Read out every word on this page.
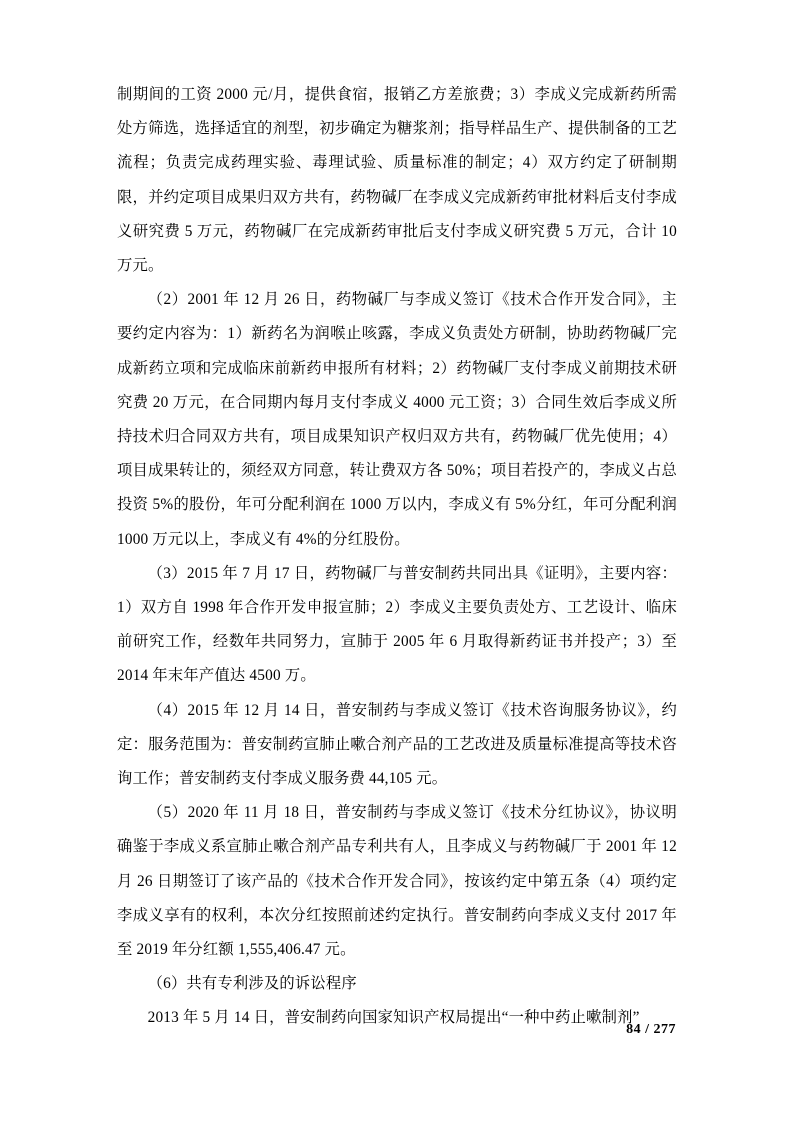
制期间的工资 2000 元/月，提供食宿，报销乙方差旅费；3）李成义完成新药所需处方筛选，选择适宜的剂型，初步确定为糖浆剂；指导样品生产、提供制备的工艺流程；负责完成药理实验、毒理试验、质量标准的制定；4）双方约定了研制期限，并约定项目成果归双方共有，药物碱厂在李成义完成新药审批材料后支付李成义研究费 5 万元，药物碱厂在完成新药审批后支付李成义研究费 5 万元，合计 10 万元。

（2）2001 年 12 月 26 日，药物碱厂与李成义签订《技术合作开发合同》，主要约定内容为：1）新药名为润喉止咳露，李成义负责处方研制，协助药物碱厂完成新药立项和完成临床前新药申报所有材料；2）药物碱厂支付李成义前期技术研究费 20 万元，在合同期内每月支付李成义 4000 元工资；3）合同生效后李成义所持技术归合同双方共有，项目成果知识产权归双方共有，药物碱厂优先使用；4）项目成果转让的，须经双方同意，转让费双方各 50%；项目若投产的，李成义占总投资 5%的股份，年可分配利润在 1000 万以内，李成义有 5%分红，年可分配利润 1000 万元以上，李成义有 4%的分红股份。

（3）2015 年 7 月 17 日，药物碱厂与普安制药共同出具《证明》，主要内容：1）双方自 1998 年合作开发申报宣肺；2）李成义主要负责处方、工艺设计、临床前研究工作，经数年共同努力，宣肺于 2005 年 6 月取得新药证书并投产；3）至 2014 年末年产值达 4500 万。

（4）2015 年 12 月 14 日，普安制药与李成义签订《技术咨询服务协议》，约定：服务范围为：普安制药宣肺止嗽合剂产品的工艺改进及质量标准提高等技术咨询工作；普安制药支付李成义服务费 44,105 元。

（5）2020 年 11 月 18 日，普安制药与李成义签订《技术分红协议》，协议明确鉴于李成义系宣肺止嗽合剂产品专利共有人，且李成义与药物碱厂于 2001 年 12 月 26 日期签订了该产品的《技术合作开发合同》，按该约定中第五条（4）项约定李成义享有的权利，本次分红按照前述约定执行。普安制药向李成义支付 2017 年至 2019 年分红额 1,555,406.47 元。

（6）共有专利涉及的诉讼程序

2013 年 5 月 14 日，普安制药向国家知识产权局提出“一种中药止嗽制剂”

84 / 277
